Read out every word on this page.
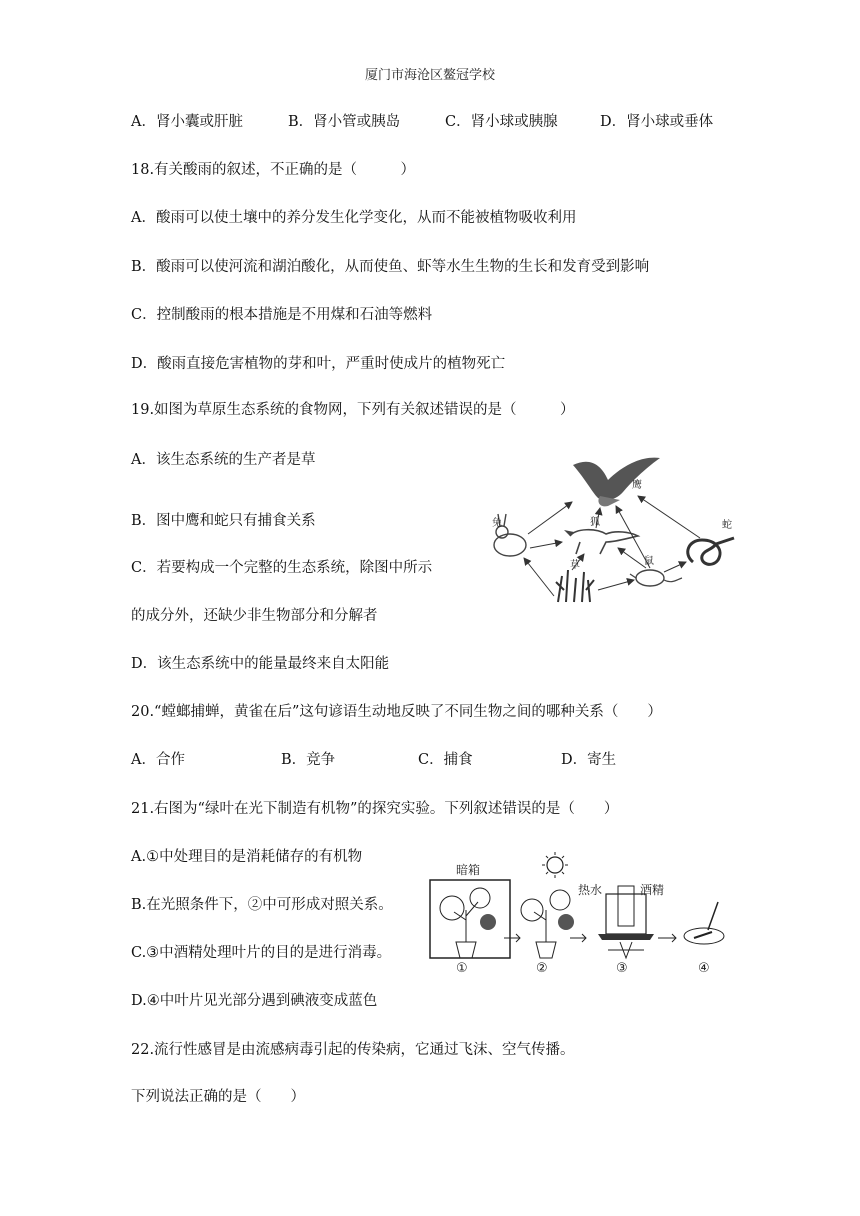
厦门市海沧区鳌冠学校
A．肾小囊或肝脏	B．肾小管或胰岛	C．肾小球或胰腺	D．肾小球或垂体
18.有关酸雨的叙述，不正确的是（　　　）
A．酸雨可以使土壤中的养分发生化学变化，从而不能被植物吸收利用
B．酸雨可以使河流和湖泊酸化，从而使鱼、虾等水生生物的生长和发育受到影响
C．控制酸雨的根本措施是不用煤和石油等燃料
D．酸雨直接危害植物的芽和叶，严重时使成片的植物死亡
19.如图为草原生态系统的食物网，下列有关叙述错误的是（　　　）
A．该生态系统的生产者是草
B．图中鹰和蛇只有捕食关系
C．若要构成一个完整的生态系统，除图中所示
的成分外，还缺少非生物部分和分解者
D．该生态系统中的能量最终来自太阳能
鹰
兔	狐	蛇
鼠
草
20.“螳螂捕蝉，黄雀在后”这句谚语生动地反映了不同生物之间的哪种关系（　　）
A．合作	B．竞争	C．捕食	D．寄生
21.右图为“绿叶在光下制造有机物”的探究实验。下列叙述错误的是（　　）
A.①中处理目的是消耗储存的有机物
B.在光照条件下，②中可形成对照关系。
C.③中酒精处理叶片的目的是进行消毒。
D.④中叶片见光部分遇到碘液变成蓝色
暗箱
热水	酒精
①	②	③	④
22.流行性感冒是由流感病毒引起的传染病，它通过飞沫、空气传播。
下列说法正确的是（　　）
